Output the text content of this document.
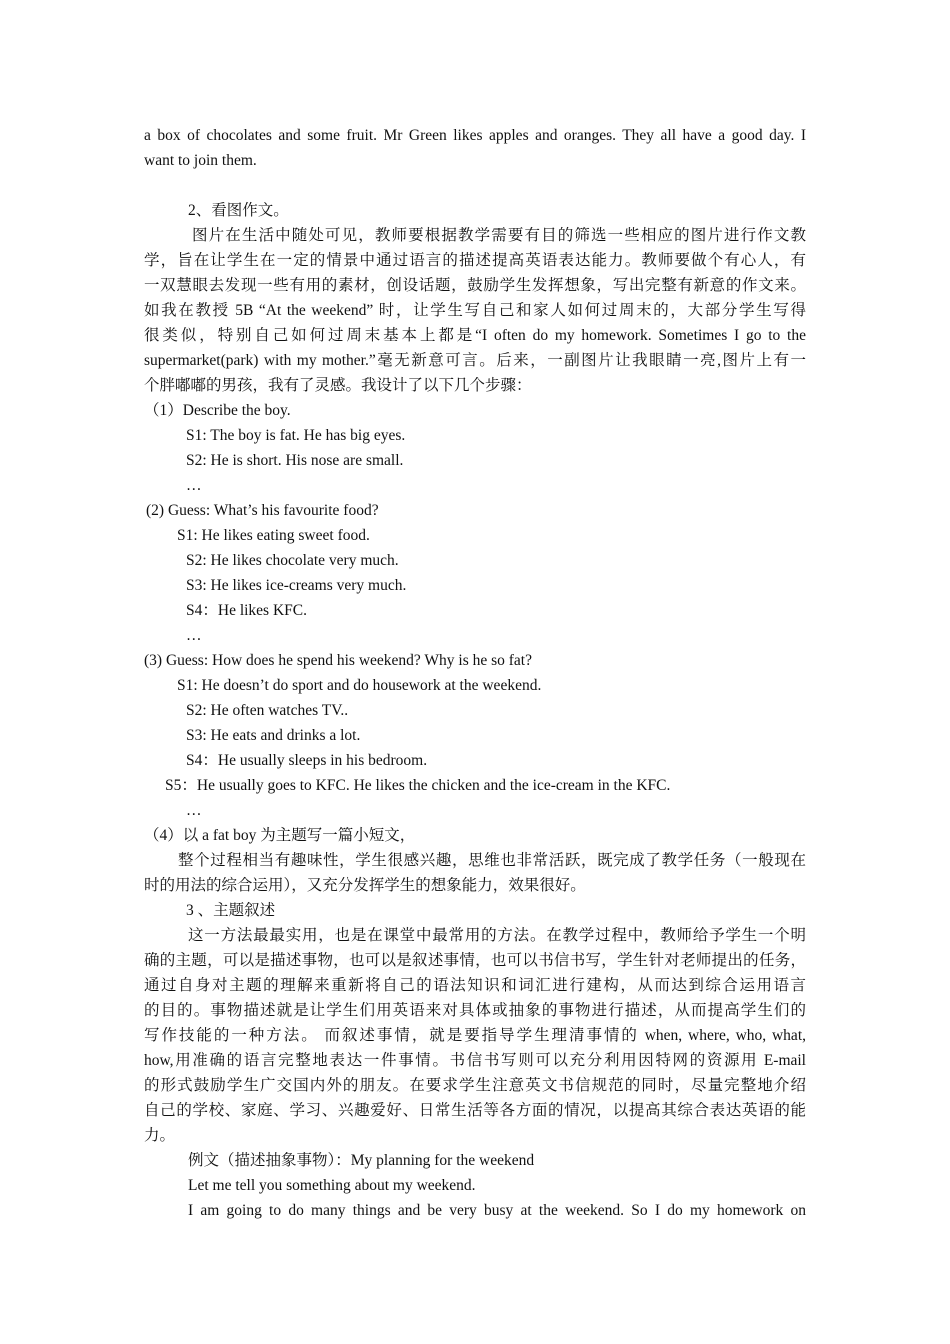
a box of chocolates and some fruit. Mr Green likes apples and oranges. They all have a good day. I
want to join them.
2、看图作文。
图片在生活中随处可见，教师要根据教学需要有目的筛选一些相应的图片进行作文教
学，旨在让学生在一定的情景中通过语言的描述提高英语表达能力。教师要做个有心人，有
一双慧眼去发现一些有用的素材，创设话题，鼓励学生发挥想象，写出完整有新意的作文来。
如我在教授 5B “At the weekend” 时，让学生写自己和家人如何过周末的，大部分学生写得
很类似，特别自己如何过周末基本上都是“I often do my homework. Sometimes I go to the
supermarket(park) with my mother.”毫无新意可言。后来，一副图片让我眼睛一亮,图片上有一
个胖嘟嘟的男孩，我有了灵感。我设计了以下几个步骤：
（1）Describe the boy.
S1: The boy is fat. He has big eyes.
S2: He is short. His nose are small.
…
(2) Guess: What’s his favourite food?
S1: He likes eating sweet food.
S2: He likes chocolate very much.
S3: He likes ice-creams very much.
S4：He likes KFC.
…
(3) Guess: How does he spend his weekend? Why is he so fat?
S1: He doesn’t do sport and do housework at the weekend.
S2: He often watches TV..
S3: He eats and drinks a lot.
S4：He usually sleeps in his bedroom.
S5：He usually goes to KFC. He likes the chicken and the ice-cream in the KFC.
…
（4）以 a fat boy 为主题写一篇小短文，
整个过程相当有趣味性，学生很感兴趣，思维也非常活跃，既完成了教学任务（一般现在
时的用法的综合运用），又充分发挥学生的想象能力，效果很好。
3 、主题叙述
这一方法最最实用，也是在课堂中最常用的方法。在教学过程中，教师给予学生一个明
确的主题，可以是描述事物，也可以是叙述事情，也可以书信书写，学生针对老师提出的任务，
通过自身对主题的理解来重新将自己的语法知识和词汇进行建构，从而达到综合运用语言
的目的。事物描述就是让学生们用英语来对具体或抽象的事物进行描述，从而提高学生们的
写作技能的一种方法。 而叙述事情，就是要指导学生理清事情的 when, where, who, what,
how,用准确的语言完整地表达一件事情。书信书写则可以充分利用因特网的资源用 E-mail
的形式鼓励学生广交国内外的朋友。在要求学生注意英文书信规范的同时，尽量完整地介绍
自己的学校、家庭、学习、兴趣爱好、日常生活等各方面的情况，以提高其综合表达英语的能
力。
例文（描述抽象事物）：My planning for the weekend
Let me tell you something about my weekend.
I am going to do many things and be very busy at the weekend. So I do my homework on
